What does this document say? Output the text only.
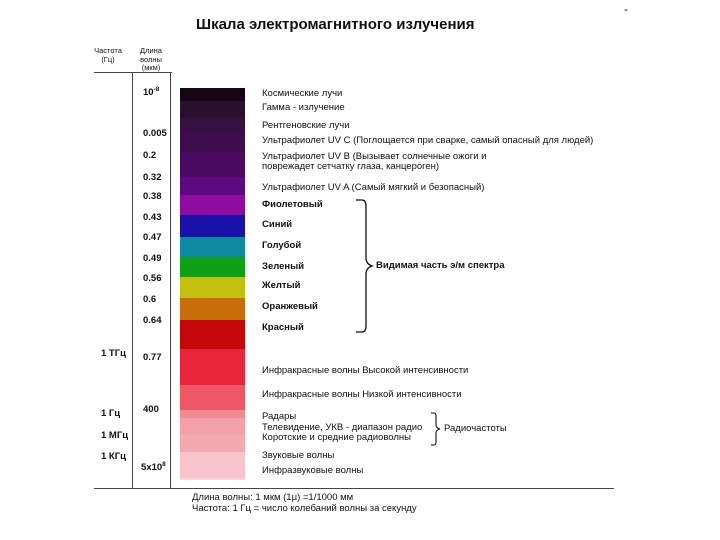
Шкала электромагнитного излучения
-
Частота (Гц)
Длина волны (мкм)
Космические лучи
Гамма - излучение
Рентгеновские лучи
Ультрафиолет UV C (Поглощается при сварке, самый опасный для людей)
0.005
Ультрафиолет UV B (Вызывает солнечные ожоги и поврежадет сетчатку глаза, канцероген)
0.2
Ультрафиолет UV A (Самый мягкий и безопасный)
0.32
Фиолетовый
0.38
Синий
0.43
Голубой
0.47
Зеленый
0.49
Желтый
0.56
Оранжевый
0.6
Красный
0.64
Инфракрасные волны Высокой интенсивности
0.77
Инфракрасные волны Низкой интенсивности
Радары
400
Телевидение, УКВ - диапазон радио
Коротские и средние радиоволны
Звуковые волны
Инфразвуковые волны
$10^{-8}$
$5x10^8$
1 ТГц
1 Гц
1 МГц
1 КГц
Видимая часть э/м спектра
Радиочастоты
Длина волны: 1 мкм (1μ) =1/1000 мм
Частота: 1 Гц = число колебаний волны за секунду
